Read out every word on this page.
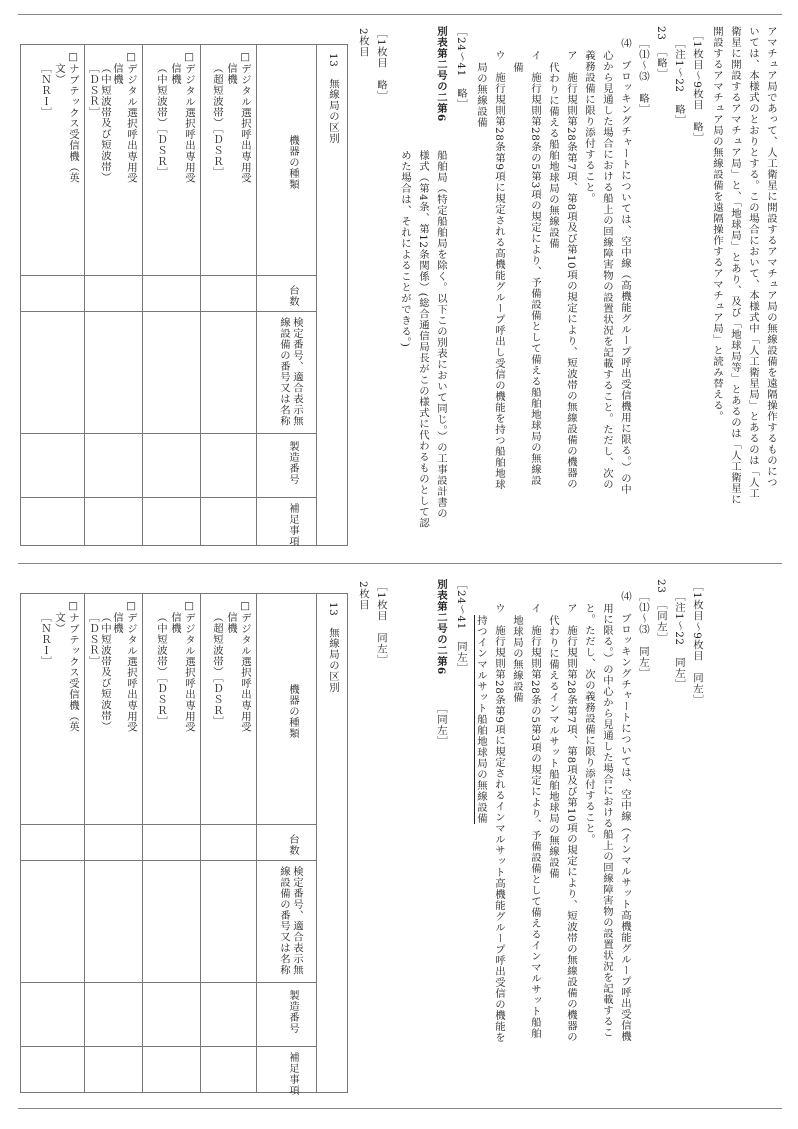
アマチュア局であって、人工衛星に開設するアマチュア局の無線設備を遠隔操作するものにつ
いては、本様式のとおりとする。この場合において、本様式中「人工衛星局」とあるのは「人工
衛星に開設するアマチュア局」と、「地球局」とあり、及び「地球局等」とあるのは「人工衛星に
開設するアマチュア局の無線設備を遠隔操作するアマチュア局」と読み替える。
［1枚目～9枚目　略］
［注1～22　略］
23　［略］
［⑴～⑶　略］
⑷　ブロッキングチャートについては、空中線（高機能グループ呼出受信機用に限る。）の中
心から見通した場合における船上の回線障害物の設置状況を記載すること。ただし、次の
義務設備に限り添付すること。
ア　施行規則第28条第7項、第8項及び第10項の規定により、短波帯の無線設備の機器の
代わりに備える船舶地球局の無線設備
イ　施行規則第28条の5第3項の規定により、予備設備として備える船舶地球局の無線設
備
ウ　施行規則第28条第9項に規定される高機能グループ呼出し受信の機能を持つ船舶地球
局の無線設備
［24～41　略］
別表第二号の二第6
船舶局（特定船舶局を除く。以下この別表において同じ。）の工事設計書の
様式（第4条、第12条関係）(総合通信局長がこの様式に代わるものとして認
めた場合は、それによることができる。)
［1枚目　略］
2枚目
13　無線局の区別
機器の種類
台数
検定番号、適合表示無線設備の番号又は名称
製造番号
補足事項
□デジタル選択呼出専用受
信機
（超短波帯）［ＤＳＲ］
□デジタル選択呼出専用受
信機
（中短波帯）［ＤＳＲ］
□デジタル選択呼出専用受
信機
（中短波帯及び短波帯）
［ＤＳＲ］
□ナブテックス受信機（英
文）
［ＮＲＩ］
［1枚目～9枚目　同左］
［注1～22　同左］
23　［同左］
［⑴～⑶　同左］
⑷　ブロッキングチャートについては、空中線（インマルサット高機能グループ呼出受信機
用に限る。）の中心から見通した場合における船上の回線障害物の設置状況を記載するこ
と。ただし、次の義務設備に限り添付すること。
ア　施行規則第28条第7項、第8項及び第10項の規定により、短波帯の無線設備の機器の
代わりに備えるインマルサット船舶地球局の無線設備
イ　施行規則第28条の5第3項の規定により、予備設備として備えるインマルサット船舶
地球局の無線設備
ウ　施行規則第28条第9項に規定されるインマルサット高機能グループ呼出受信の機能を
持つインマルサット船舶地球局の無線設備
［24～41　同左］
別表第二号の二第6
［同左］
［1枚目　同左］
2枚目
13　無線局の区別
機器の種類
台数
検定番号、適合表示無線設備の番号又は名称
製造番号
補足事項
□デジタル選択呼出専用受
信機
（超短波帯）［ＤＳＲ］
□デジタル選択呼出専用受
信機
（中短波帯）［ＤＳＲ］
□デジタル選択呼出専用受
信機
（中短波帯及び短波帯）
［ＤＳＲ］
□ナブテックス受信機（英
文）
［ＮＲＩ］
